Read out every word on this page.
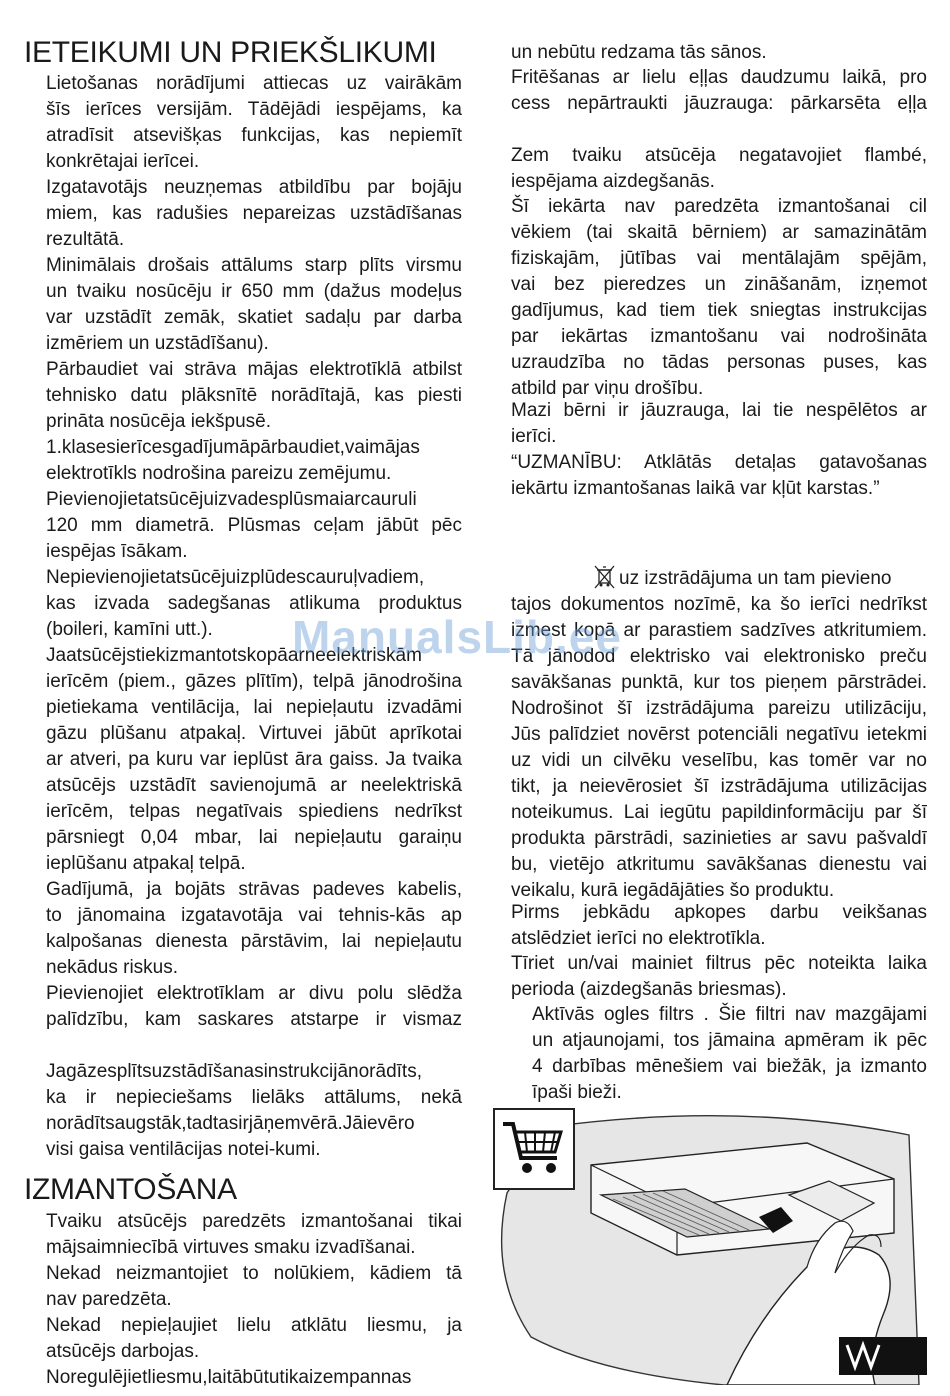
IETEIKUMI UN PRIEKŠLIKUMI
Lietošanas norādījumi attiecas uz vairākām
šīs ierīces versijām. Tādējādi iespējams, ka
atradīsit atsevišķas funkcijas, kas nepiemīt
konkrētajai ierīcei.
Izgatavotājs neuzņemas atbildību par bojāju
miem, kas radušies nepareizas uzstādīšanas
rezultātā.
Minimālais drošais attālums starp plīts virsmu
un tvaiku nosūcēju ir 650 mm (dažus modeļus
var uzstādīt zemāk, skatiet sadaļu par darba
izmēriem un uzstādīšanu).
Pārbaudiet vai strāva mājas elektrotīklā atbilst
tehnisko datu plāksnītē norādītajā, kas piesti
prināta nosūcēja iekšpusē.
1.klasesierīcesgadījumāpārbaudiet,vaimājas
elektrotīkls nodrošina pareizu zemējumu.
Pievienojietatsūcējuizvadesplūsmaiarcauruli
120 mm diametrā. Plūsmas ceļam jābūt pēc
iespējas īsākam.
Nepievienojietatsūcējuizplūdescauruļvadiem,
kas izvada sadegšanas atlikuma produktus
(boileri, kamīni utt.).
Jaatsūcējstiekizmantotskopāarneelektriskām
ierīcēm (piem., gāzes plītīm), telpā jānodrošina
pietiekama ventilācija, lai nepieļautu izvadāmi
gāzu plūšanu atpakaļ. Virtuvei jābūt aprīkotai
ar atveri, pa kuru var ieplūst āra gaiss. Ja tvaika
atsūcējs uzstādīt savienojumā ar neelektriskā
ierīcēm, telpas negatīvais spiediens nedrīkst
pārsniegt 0,04 mbar, lai nepieļautu garaiņu
ieplūšanu atpakaļ telpā.
Gadījumā, ja bojāts strāvas padeves kabelis,
to jānomaina izgatavotāja vai tehnis-kās ap
kalpošanas dienesta pārstāvim, lai nepieļautu
nekādus riskus.
Pievienojiet elektrotīklam ar divu polu slēdža
palīdzību, kam saskares atstarpe ir vismaz
Jagāzesplītsuzstādīšanasinstrukcijānorādīts,
ka ir nepieciešams lielāks attālums, nekā
norādītsaugstāk,tadtasirjāņemvērā.Jāievēro
visi gaisa ventilācijas notei-kumi.
IZMANTOŠANA
Tvaiku atsūcējs paredzēts izmantošanai tikai
mājsaimniecībā virtuves smaku izvadīšanai.
Nekad neizmantojiet to nolūkiem, kādiem tā
nav paredzēta.
Nekad nepieļaujiet lielu atklātu liesmu, ja
atsūcējs darbojas.
Noregulējietliesmu,laitābūtutikaizempannas
un nebūtu redzama tās sānos.
Fritēšanas ar lielu eļļas daudzumu laikā, pro
cess nepārtraukti jāuzrauga: pārkarsēta eļļa
Zem tvaiku atsūcēja negatavojiet flambé,
iespējama aizdegšanās.
Šī iekārta nav paredzēta izmantošanai cil
vēkiem (tai skaitā bērniem) ar samazinātām
fiziskajām, jūtības vai mentālajām spējām,
vai bez pieredzes un zināšanām, izņemot
gadījumus, kad tiem tiek sniegtas instrukcijas
par iekārtas izmantošanu vai nodrošināta
uzraudzība no tādas personas puses, kas
atbild par viņu drošību.
Mazi bērni ir jāuzrauga, lai tie nespēlētos ar
ierīci.
“UZMANĪBU: Atklātās detaļas gatavošanas
iekārtu izmantošanas laikā var kļūt karstas.”
uz izstrādājuma un tam pievieno
tajos dokumentos nozīmē, ka šo ierīci nedrīkst
izmest kopā ar parastiem sadzīves atkritumiem.
Tā jānodod elektrisko vai elektronisko preču
savākšanas punktā, kur tos pieņem pārstrādei.
Nodrošinot šī izstrādājuma pareizu utilizāciju,
Jūs palīdziet novērst potenciāli negatīvu ietekmi
uz vidi un cilvēku veselību, kas tomēr var no
tikt, ja neievērosiet šī izstrādājuma utilizācijas
noteikumus. Lai iegūtu papildinformāciju par šī
produkta pārstrādi, sazinieties ar savu pašvaldī
bu, vietējo atkritumu savākšanas dienestu vai
veikalu, kurā iegādājāties šo produktu.
Pirms jebkādu apkopes darbu veikšanas
atslēdziet ierīci no elektrotīkla.
Tīriet un/vai mainiet filtrus pēc noteikta laika
perioda (aizdegšanās briesmas).
Aktīvās ogles filtrs . Šie filtri nav mazgājami
un atjaunojami, tos jāmaina apmēram ik pēc
4 darbības mēnešiem vai biežāk, ja izmanto
īpaši bieži.
ManualsLib.ee
